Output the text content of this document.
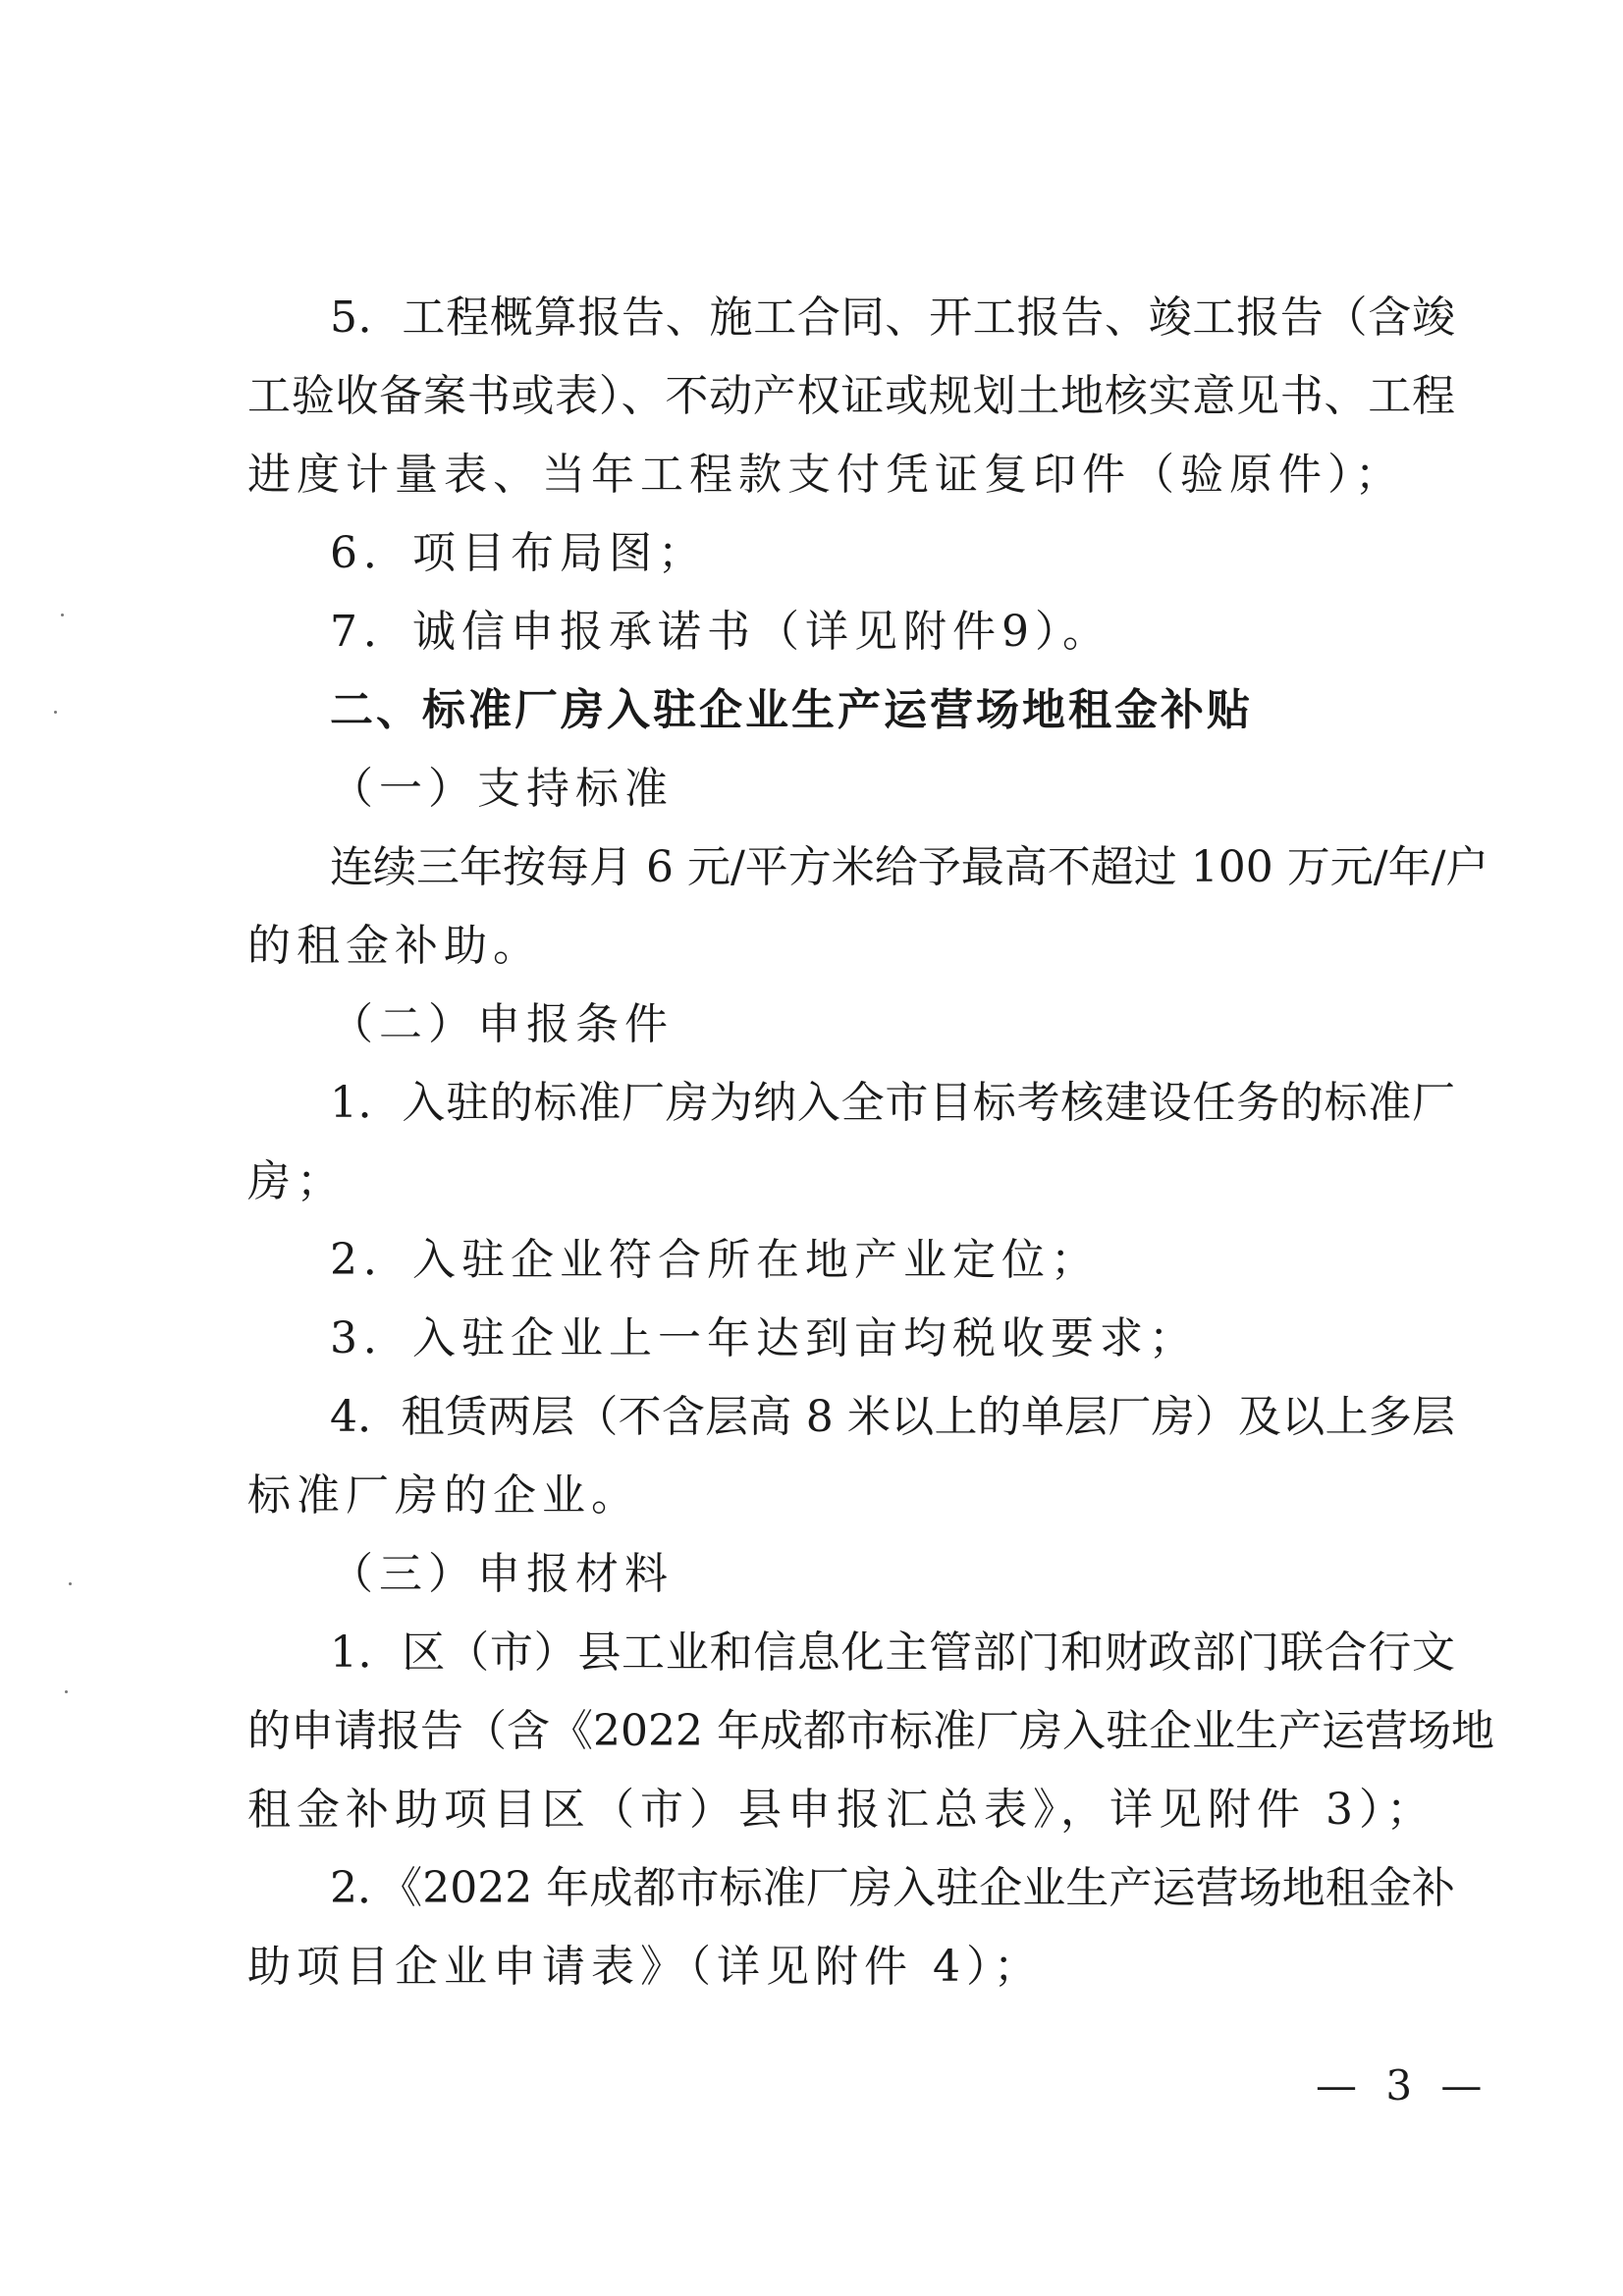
5．工程概算报告、施工合同、开工报告、竣工报告（含竣
工验收备案书或表）、不动产权证或规划土地核实意见书、工程
进度计量表、当年工程款支付凭证复印件（验原件）；
6．项目布局图；
7．诚信申报承诺书（详见附件9）。
二、标准厂房入驻企业生产运营场地租金补贴
（一）支持标准
连续三年按每月 6 元/平方米给予最高不超过 100 万元/年/户
的租金补助。
（二）申报条件
1．入驻的标准厂房为纳入全市目标考核建设任务的标准厂
房；
2．入驻企业符合所在地产业定位；
3．入驻企业上一年达到亩均税收要求；
4．租赁两层（不含层高 8 米以上的单层厂房）及以上多层
标准厂房的企业。
（三）申报材料
1．区（市）县工业和信息化主管部门和财政部门联合行文
的申请报告（含《2022 年成都市标准厂房入驻企业生产运营场地
租金补助项目区（市）县申报汇总表》，详见附件 3）；
2．《2022 年成都市标准厂房入驻企业生产运营场地租金补
助项目企业申请表》（详见附件 4）；
— 3 —
